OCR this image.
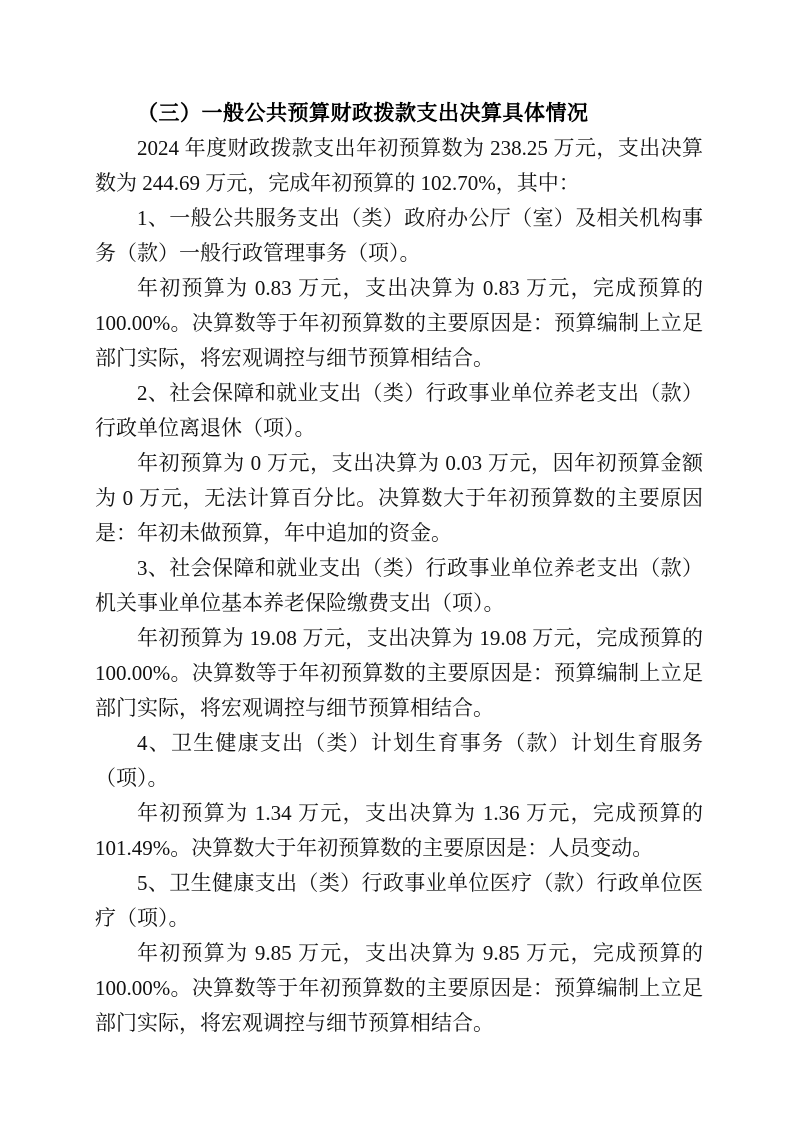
（三）一般公共预算财政拨款支出决算具体情况

2024 年度财政拨款支出年初预算数为 238.25 万元，支出决算数为 244.69 万元，完成年初预算的 102.70%，其中：

1、一般公共服务支出（类）政府办公厅（室）及相关机构事务（款）一般行政管理事务（项）。

年初预算为 0.83 万元，支出决算为 0.83 万元，完成预算的 100.00%。决算数等于年初预算数的主要原因是：预算编制上立足部门实际，将宏观调控与细节预算相结合。

2、社会保障和就业支出（类）行政事业单位养老支出（款）行政单位离退休（项）。

年初预算为 0 万元，支出决算为 0.03 万元，因年初预算金额为 0 万元，无法计算百分比。决算数大于年初预算数的主要原因是：年初未做预算，年中追加的资金。

3、社会保障和就业支出（类）行政事业单位养老支出（款）机关事业单位基本养老保险缴费支出（项）。

年初预算为 19.08 万元，支出决算为 19.08 万元，完成预算的 100.00%。决算数等于年初预算数的主要原因是：预算编制上立足部门实际，将宏观调控与细节预算相结合。

4、卫生健康支出（类）计划生育事务（款）计划生育服务（项）。

年初预算为 1.34 万元，支出决算为 1.36 万元，完成预算的 101.49%。决算数大于年初预算数的主要原因是：人员变动。

5、卫生健康支出（类）行政事业单位医疗（款）行政单位医疗（项）。

年初预算为 9.85 万元，支出决算为 9.85 万元，完成预算的 100.00%。决算数等于年初预算数的主要原因是：预算编制上立足部门实际，将宏观调控与细节预算相结合。
